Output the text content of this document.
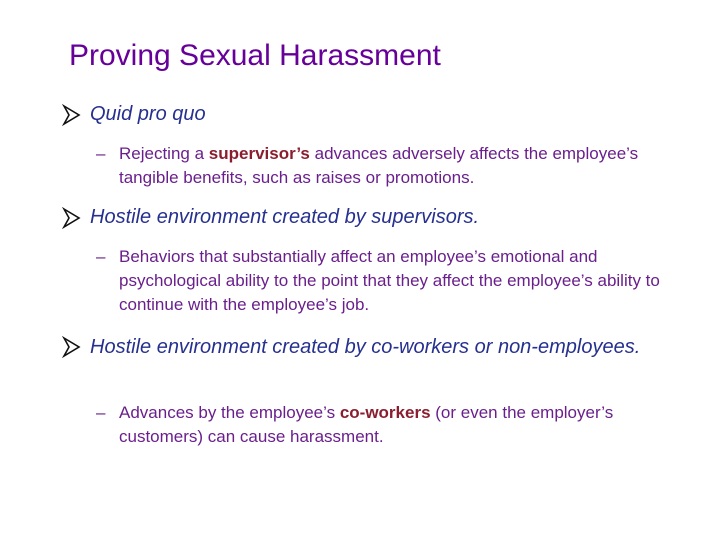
Proving Sexual Harassment
Quid pro quo
– Rejecting a supervisor’s advances adversely affects the employee’s tangible benefits, such as raises or promotions.
Hostile environment created by supervisors.
– Behaviors that substantially affect an employee’s emotional and psychological ability to the point that they affect the employee’s ability to continue with the employee’s job.
Hostile environment created by co-workers or non-employees.
– Advances by the employee’s co-workers (or even the employer’s customers) can cause harassment.
